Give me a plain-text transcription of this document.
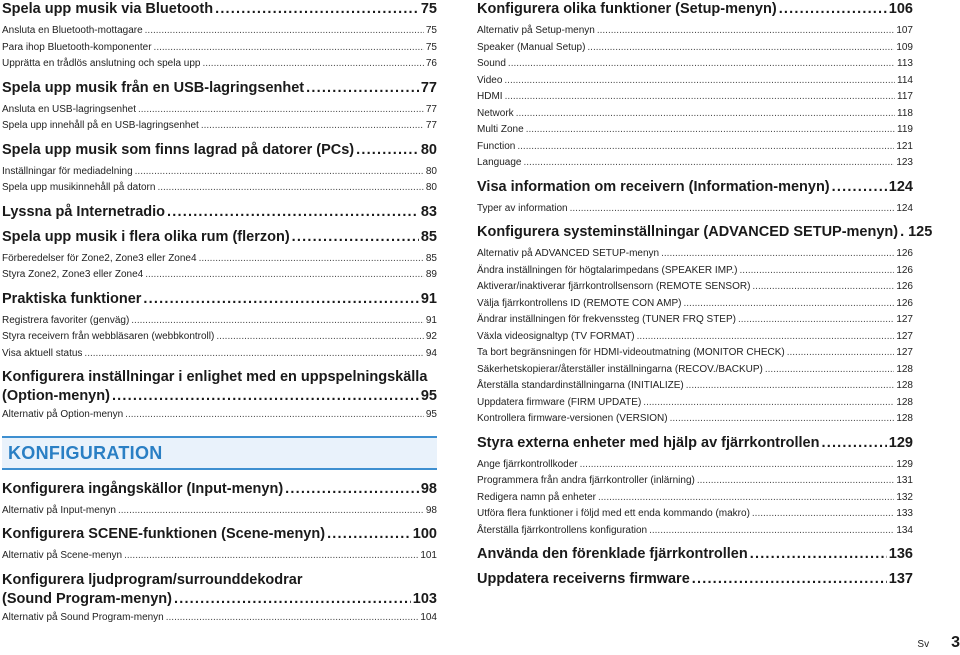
Spela upp musik via Bluetooth .....	75
Ansluta en Bluetooth-mottagare .....	75
Para ihop Bluetooth-komponenter .....	75
Upprätta en trådlös anslutning och spela upp .....	76
Spela upp musik från en USB-lagringsenhet .....	77
Ansluta en USB-lagringsenhet .....	77
Spela upp innehåll på en USB-lagringsenhet .....	77
Spela upp musik som finns lagrad på datorer (PCs) .....	80
Inställningar för mediadelning .....	80
Spela upp musikinnehåll på datorn .....	80
Lyssna på Internetradio .....	83
Spela upp musik i flera olika rum (flerzon) .....	85
Förberedelser för Zone2, Zone3 eller Zone4 .....	85
Styra Zone2, Zone3 eller Zone4 .....	89
Praktiska funktioner .....	91
Registrera favoriter (genväg) .....	91
Styra receivern från webbläsaren (webbkontroll) .....	92
Visa aktuell status .....	94
Konfigurera inställningar i enlighet med en uppspelningskälla
(Option-menyn) .....	95
Alternativ på Option-menyn .....	95
KONFIGURATION
Konfigurera ingångskällor (Input-menyn) .....	98
Alternativ på Input-menyn .....	98
Konfigurera SCENE-funktionen (Scene-menyn) .....	100
Alternativ på Scene-menyn .....	101
Konfigurera ljudprogram/surrounddekodrar
(Sound Program-menyn) .....	103
Alternativ på Sound Program-menyn .....	104
Konfigurera olika funktioner (Setup-menyn) .....	106
Alternativ på Setup-menyn .....	107
Speaker (Manual Setup) .....	109
Sound .....	113
Video .....	114
HDMI .....	117
Network .....	118
Multi Zone .....	119
Function .....	121
Language .....	123
Visa information om receivern (Information-menyn) .....	124
Typer av information .....	124
Konfigurera systeminställningar (ADVANCED SETUP-menyn) ..... 125
Alternativ på ADVANCED SETUP-menyn .....	126
Ändra inställningen för högtalarimpedans (SPEAKER IMP.) .....	126
Aktiverar/inaktiverar fjärrkontrollsensorn (REMOTE SENSOR) .....	126
Välja fjärrkontrollens ID (REMOTE CON AMP) .....	126
Ändrar inställningen för frekvenssteg (TUNER FRQ STEP) .....	127
Växla videosignaltyp (TV FORMAT) .....	127
Ta bort begränsningen för HDMI-videoutmatning (MONITOR CHECK) .....	127
Säkerhetskopierar/återställer inställningarna (RECOV./BACKUP) .....	128
Återställa standardinställningarna (INITIALIZE) .....	128
Uppdatera firmware (FIRM UPDATE) .....	128
Kontrollera firmware-versionen (VERSION) .....	128
Styra externa enheter med hjälp av fjärrkontrollen .....	129
Ange fjärrkontrollkoder .....	129
Programmera från andra fjärrkontroller (inlärning) .....	131
Redigera namn på enheter .....	132
Utföra flera funktioner i följd med ett enda kommando (makro) .....	133
Återställa fjärrkontrollens konfiguration .....	134
Använda den förenklade fjärrkontrollen .....	136
Uppdatera receiverns firmware .....	137
Sv 3
